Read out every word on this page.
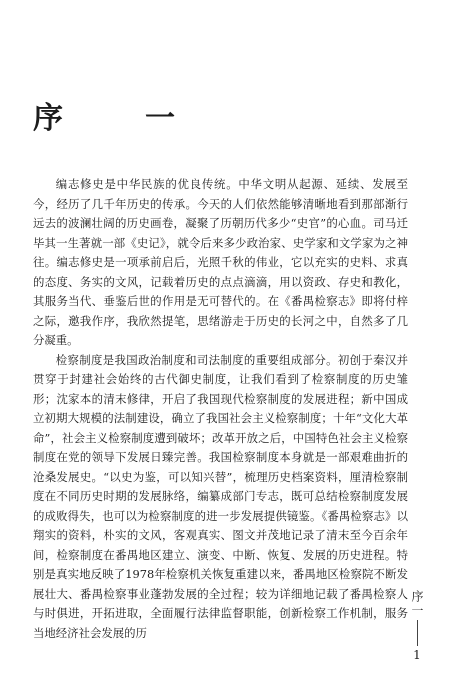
序　一

编志修史是中华民族的优良传统。中华文明从起源、延续、发展至今，经历了几千年历史的传承。今天的人们依然能够清晰地看到那部渐行远去的波澜壮阔的历史画卷，凝聚了历朝历代多少“史官”的心血。司马迁毕其一生著就一部《史记》，就令后来多少政治家、史学家和文学家为之神往。编志修史是一项承前启后，光照千秋的伟业，它以充实的史料、求真的态度、务实的文风，记载着历史的点点滴滴，用以资政、存史和教化，其服务当代、垂鉴后世的作用是无可替代的。在《番禺检察志》即将付梓之际，邀我作序，我欣然提笔，思绪游走于历史的长河之中，自然多了几分凝重。

检察制度是我国政治制度和司法制度的重要组成部分。初创于秦汉并贯穿于封建社会始终的古代御史制度，让我们看到了检察制度的历史雏形；沈家本的清末修律，开启了我国现代检察制度的发展进程；新中国成立初期大规模的法制建设，确立了我国社会主义检察制度；十年“文化大革命”，社会主义检察制度遭到破坏；改革开放之后，中国特色社会主义检察制度在党的领导下发展日臻完善。我国检察制度本身就是一部艰难曲折的沧桑发展史。“以史为鉴，可以知兴替”，梳理历史档案资料，厘清检察制度在不同历史时期的发展脉络，编纂成部门专志，既可总结检察制度发展的成败得失，也可以为检察制度的进一步发展提供镜鉴。《番禺检察志》以翔实的资料，朴实的文风，客观真实、图文并茂地记录了清末至今百余年间，检察制度在番禺地区建立、演变、中断、恢复、发展的历史进程。特别是真实地反映了1978年检察机关恢复重建以来，番禺地区检察院不断发展壮大、番禺检察事业蓬勃发展的全过程；较为详细地记载了番禺检察人与时俱进，开拓进取，全面履行法律监督职能，创新检察工作机制，服务当地经济社会发展的历

序一
1
